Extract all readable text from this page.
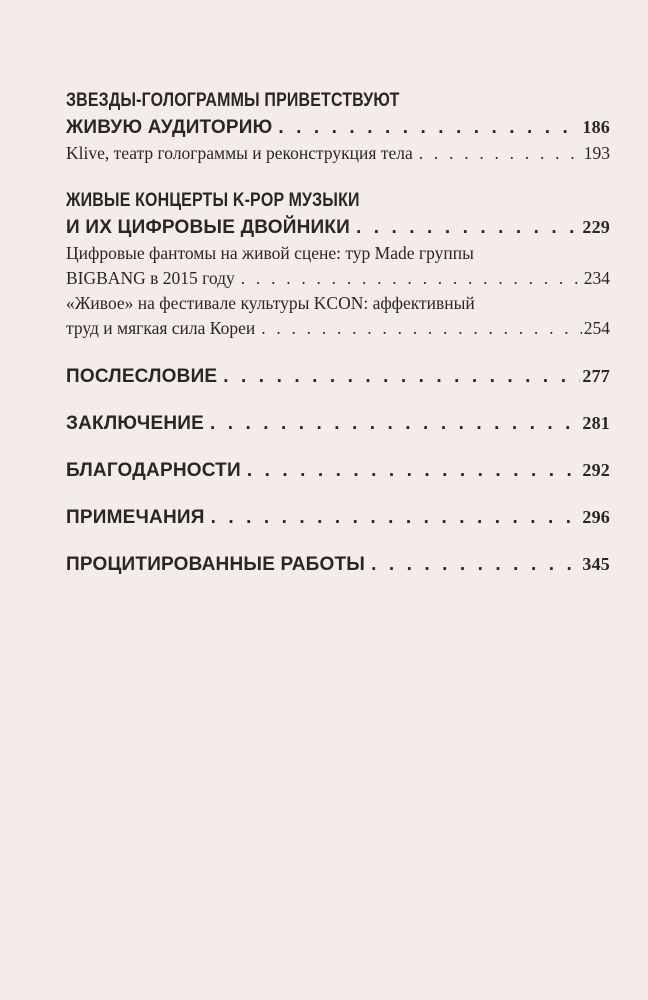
ЗВЕЗДЫ-ГОЛОГРАММЫ ПРИВЕТСТВУЮТ
ЖИВУЮ АУДИТОРИЮ . . .	186
Klive, театр голограммы и реконструкция тела . . .	193
ЖИВЫЕ КОНЦЕРТЫ K-POP МУЗЫКИ
И ИХ ЦИФРОВЫЕ ДВОЙНИКИ . . .	229
Цифровые фантомы на живой сцене: тур Made группы
BIGBANG в 2015 году . . .	234
«Живое» на фестивале культуры KCON: аффективный
труд и мягкая сила Кореи . . .	254
ПОСЛЕСЛОВИЕ . . .	277
ЗАКЛЮЧЕНИЕ . . .	281
БЛАГОДАРНОСТИ . . .	292
ПРИМЕЧАНИЯ . . .	296
ПРОЦИТИРОВАННЫЕ РАБОТЫ . . .	345
